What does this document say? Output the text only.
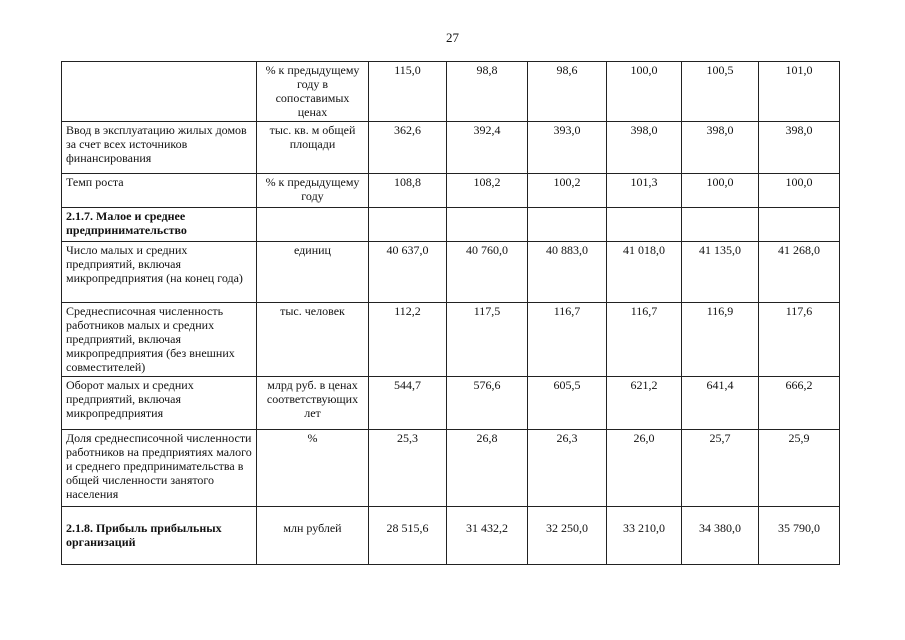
27
	% к предыдущему году в сопоставимых ценах	115,0	98,8	98,6	100,0	100,5	101,0
Ввод в эксплуатацию жилых домов за счет всех источников финансирования	тыс. кв. м общей площади	362,6	392,4	393,0	398,0	398,0	398,0
Темп роста	% к предыдущему году	108,8	108,2	100,2	101,3	100,0	100,0
2.1.7. Малое и среднее предпринимательство							
Число малых и средних предприятий, включая микропредприятия (на конец года)	единиц	40 637,0	40 760,0	40 883,0	41 018,0	41 135,0	41 268,0
Среднесписочная численность работников малых и средних предприятий, включая микропредприятия (без внешних совместителей)	тыс. человек	112,2	117,5	116,7	116,7	116,9	117,6
Оборот малых и средних предприятий, включая микропредприятия	млрд руб. в ценах соответствующих лет	544,7	576,6	605,5	621,2	641,4	666,2
Доля среднесписочной численности работников на предприятиях малого и среднего предпринимательства в общей численности занятого населения	%	25,3	26,8	26,3	26,0	25,7	25,9
2.1.8. Прибыль прибыльных организаций	млн рублей	28 515,6	31 432,2	32 250,0	33 210,0	34 380,0	35 790,0
